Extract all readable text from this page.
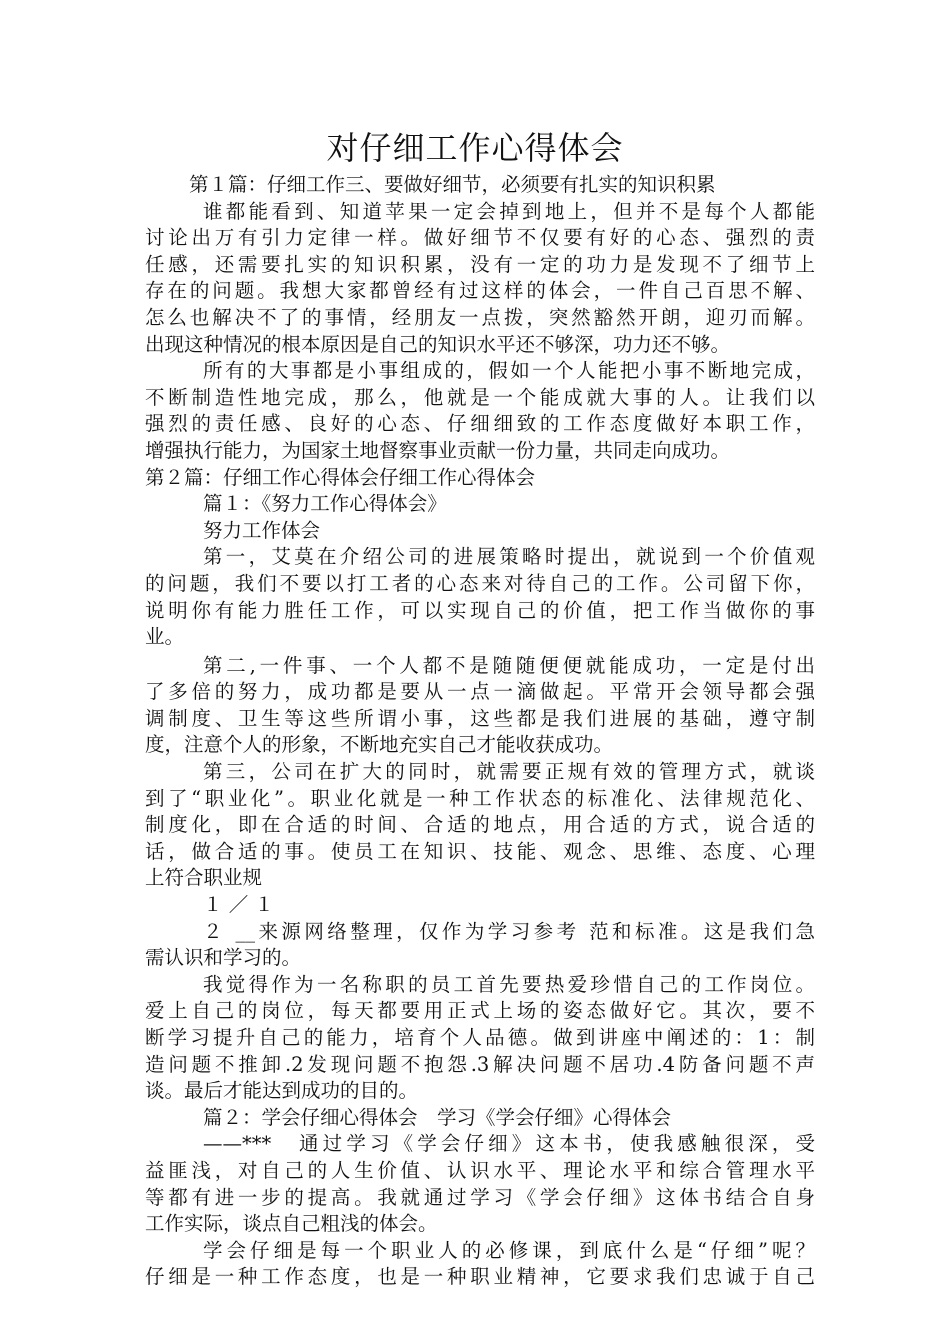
对仔细工作心得体会
第１篇：仔细工作三、要做好细节，必须要有扎实的知识积累
谁都能看到、知道苹果一定会掉到地上，但并不是每个人都能
讨论出万有引力定律一样。做好细节不仅要有好的心态、强烈的责
任感，还需要扎实的知识积累，没有一定的功力是发现不了细节上
存在的问题。我想大家都曾经有过这样的体会，一件自己百思不解、
怎么也解决不了的事情，经朋友一点拨，突然豁然开朗，迎刃而解。
出现这种情况的根本原因是自己的知识水平还不够深，功力还不够。
所有的大事都是小事组成的，假如一个人能把小事不断地完成，
不断制造性地完成，那么，他就是一个能成就大事的人。让我们以
强烈的责任感、良好的心态、仔细细致的工作态度做好本职工作，
增强执行能力，为国家土地督察事业贡献一份力量，共同走向成功。
第２篇：仔细工作心得体会仔细工作心得体会
篇１：《努力工作心得体会》
努力工作体会
第一，艾莫在介绍公司的进展策略时提出，就说到一个价值观
的问题，我们不要以打工者的心态来对待自己的工作。公司留下你，
说明你有能力胜任工作，可以实现自己的价值，把工作当做你的事
业。
第二,一件事、一个人都不是随随便便就能成功，一定是付出
了多倍的努力，成功都是要从一点一滴做起。平常开会领导都会强
调制度、卫生等这些所谓小事，这些都是我们进展的基础，遵守制
度，注意个人的形象，不断地充实自己才能收获成功。
第三，公司在扩大的同时，就需要正规有效的管理方式，就谈
到了“职业化”。职业化就是一种工作状态的标准化、法律规范化、
制度化，即在合适的时间、合适的地点，用合适的方式，说合适的
话，做合适的事。使员工在知识、技能、观念、思维、态度、心理
上符合职业规
１ ／ １
２ __来源网络整理，仅作为学习参考 范和标准。这是我们急
需认识和学习的。
我觉得作为一名称职的员工首先要热爱珍惜自己的工作岗位。
爱上自己的岗位，每天都要用正式上场的姿态做好它。其次，要不
断学习提升自己的能力，培育个人品德。做到讲座中阐述的：1：制
造问题不推卸.2发现问题不抱怨.3解决问题不居功.4防备问题不声
谈。最后才能达到成功的目的。
篇２：学会仔细心得体会　学习《学会仔细》心得体会
——***　通过学习《学会仔细》这本书，使我感触很深，受
益匪浅，对自己的人生价值、认识水平、理论水平和综合管理水平
等都有进一步的提高。我就通过学习《学会仔细》这体书结合自身
工作实际，谈点自己粗浅的体会。
学会仔细是每一个职业人的必修课，到底什么是“仔细”呢？
仔细是一种工作态度，也是一种职业精神，它要求我们忠诚于自己
